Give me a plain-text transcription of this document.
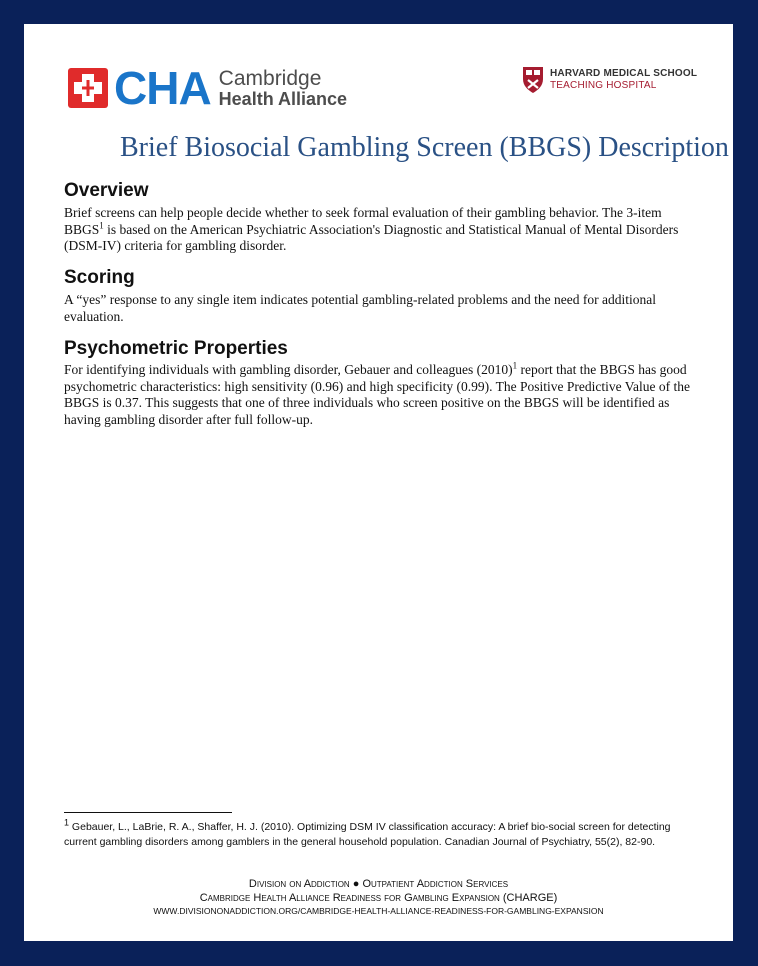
CHA Cambridge
Health Alliance
HARVARD MEDICAL SCHOOL
TEACHING HOSPITAL
Brief Biosocial Gambling Screen (BBGS) Description
Overview
Brief screens can help people decide whether to seek formal evaluation of their gambling behavior. The 3-item BBGS$^1$ is based on the American Psychiatric Association's Diagnostic and Statistical Manual of Mental Disorders (DSM-IV) criteria for gambling disorder.
Scoring
A “yes” response to any single item indicates potential gambling-related problems and the need for additional evaluation.
Psychometric Properties
For identifying individuals with gambling disorder, Gebauer and colleagues $(2010)^1$ report that the BBGS has good psychometric characteristics: high sensitivity (0.96) and high specificity (0.99). The Positive Predictive Value of the BBGS is 0.37. This suggests that one of three individuals who screen positive on the BBGS will be identified as having gambling disorder after full follow-up.
$^1$ Gebauer, L., LaBrie, R. A., Shaffer, H. J. (2010). Optimizing DSM IV classification accuracy: A brief bio-social screen for detecting current gambling disorders among gamblers in the general household population. Canadian Journal of Psychiatry, 55(2), 82-90.
Division on Addiction ● Outpatient Addiction Services
Cambridge Health Alliance Readiness for Gambling Expansion (CHARGE)
WWW.DIVISIONONADDICTION.ORG/CAMBRIDGE-HEALTH-ALLIANCE-READINESS-FOR-GAMBLING-EXPANSION
